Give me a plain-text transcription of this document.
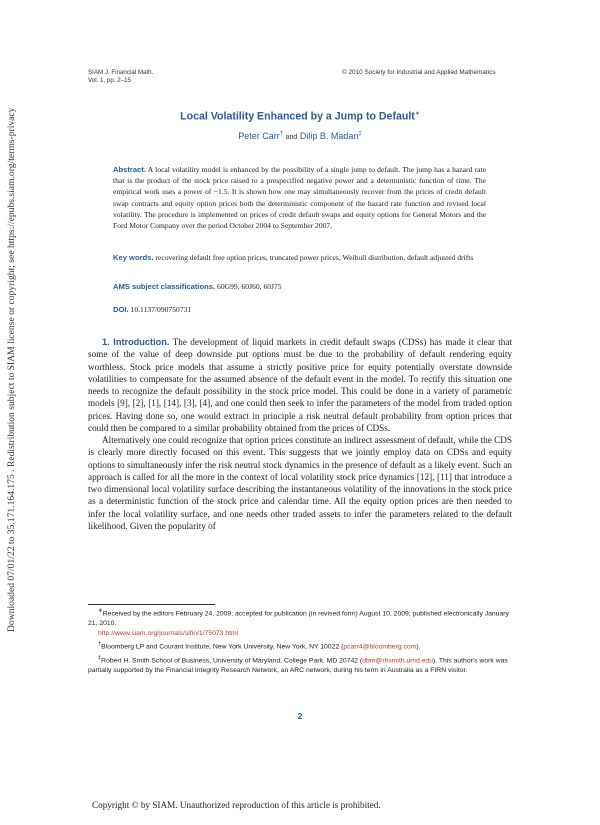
Downloaded 07/01/22 to 35.171.164.175 . Redistribution subject to SIAM license or copyright; see https://epubs.siam.org/terms-privacy
SIAM J. Financial Math.
Vol. 1, pp. 2–15
© 2010 Society for Industrial and Applied Mathematics
Local Volatility Enhanced by a Jump to Default∗
Peter Carr† and Dilip B. Madan‡
Abstract. A local volatility model is enhanced by the possibility of a single jump to default. The jump has a hazard rate that is the product of the stock price raised to a prespecified negative power and a deterministic function of time. The empirical work uses a power of −1.5. It is shown how one may simultaneously recover from the prices of credit default swap contracts and equity option prices both the deterministic component of the hazard rate function and revised local volatility. The procedure is implemented on prices of credit default swaps and equity options for General Motors and the Ford Motor Company over the period October 2004 to September 2007.
Key words. recovering default free option prices, truncated power prices, Weibull distribution, default adjusted drifts
AMS subject classifications. 60G99, 60J60, 60J75
DOI. 10.1137/090750731

1. Introduction. The development of liquid markets in credit default swaps (CDSs) has made it clear that some of the value of deep downside put options must be due to the probability of default rendering equity worthless. Stock price models that assume a strictly positive price for equity potentially overstate downside volatilities to compensate for the assumed absence of the default event in the model. To rectify this situation one needs to recognize the default possibility in the stock price model. This could be done in a variety of parametric models [9], [2], [1], [14], [3], [4], and one could then seek to infer the parameters of the model from traded option prices. Having done so, one would extract in principle a risk neutral default probability from option prices that could then be compared to a similar probability obtained from the prices of CDSs.

Alternatively one could recognize that option prices constitute an indirect assessment of default, while the CDS is clearly more directly focused on this event. This suggests that we jointly employ data on CDSs and equity options to simultaneously infer the risk neutral stock dynamics in the presence of default as a likely event. Such an approach is called for all the more in the context of local volatility stock price dynamics [12], [11] that introduce a two dimensional local volatility surface describing the instantaneous volatility of the innovations in the stock price as a deterministic function of the stock price and calendar time. All the equity option prices are then needed to infer the local volatility surface, and one needs other traded assets to infer the parameters related to the default likelihood. Given the popularity of

∗Received by the editors February 24, 2009; accepted for publication (in revised form) August 10, 2009; published electronically January 21, 2010.

http://www.siam.org/journals/sifin/1/75073.html

†Bloomberg LP and Courant Institute, New York University, New York, NY 10022 (pcarr4@bloomberg.com).

‡Robert H. Smith School of Business, University of Maryland, College Park, MD 20742 (dbm@rhsmith.umd.edu). This author's work was partially supported by the Financial Integrity Research Network, an ARC network, during his term in Australia as a FIRN visitor.

2
Copyright © by SIAM. Unauthorized reproduction of this article is prohibited.
